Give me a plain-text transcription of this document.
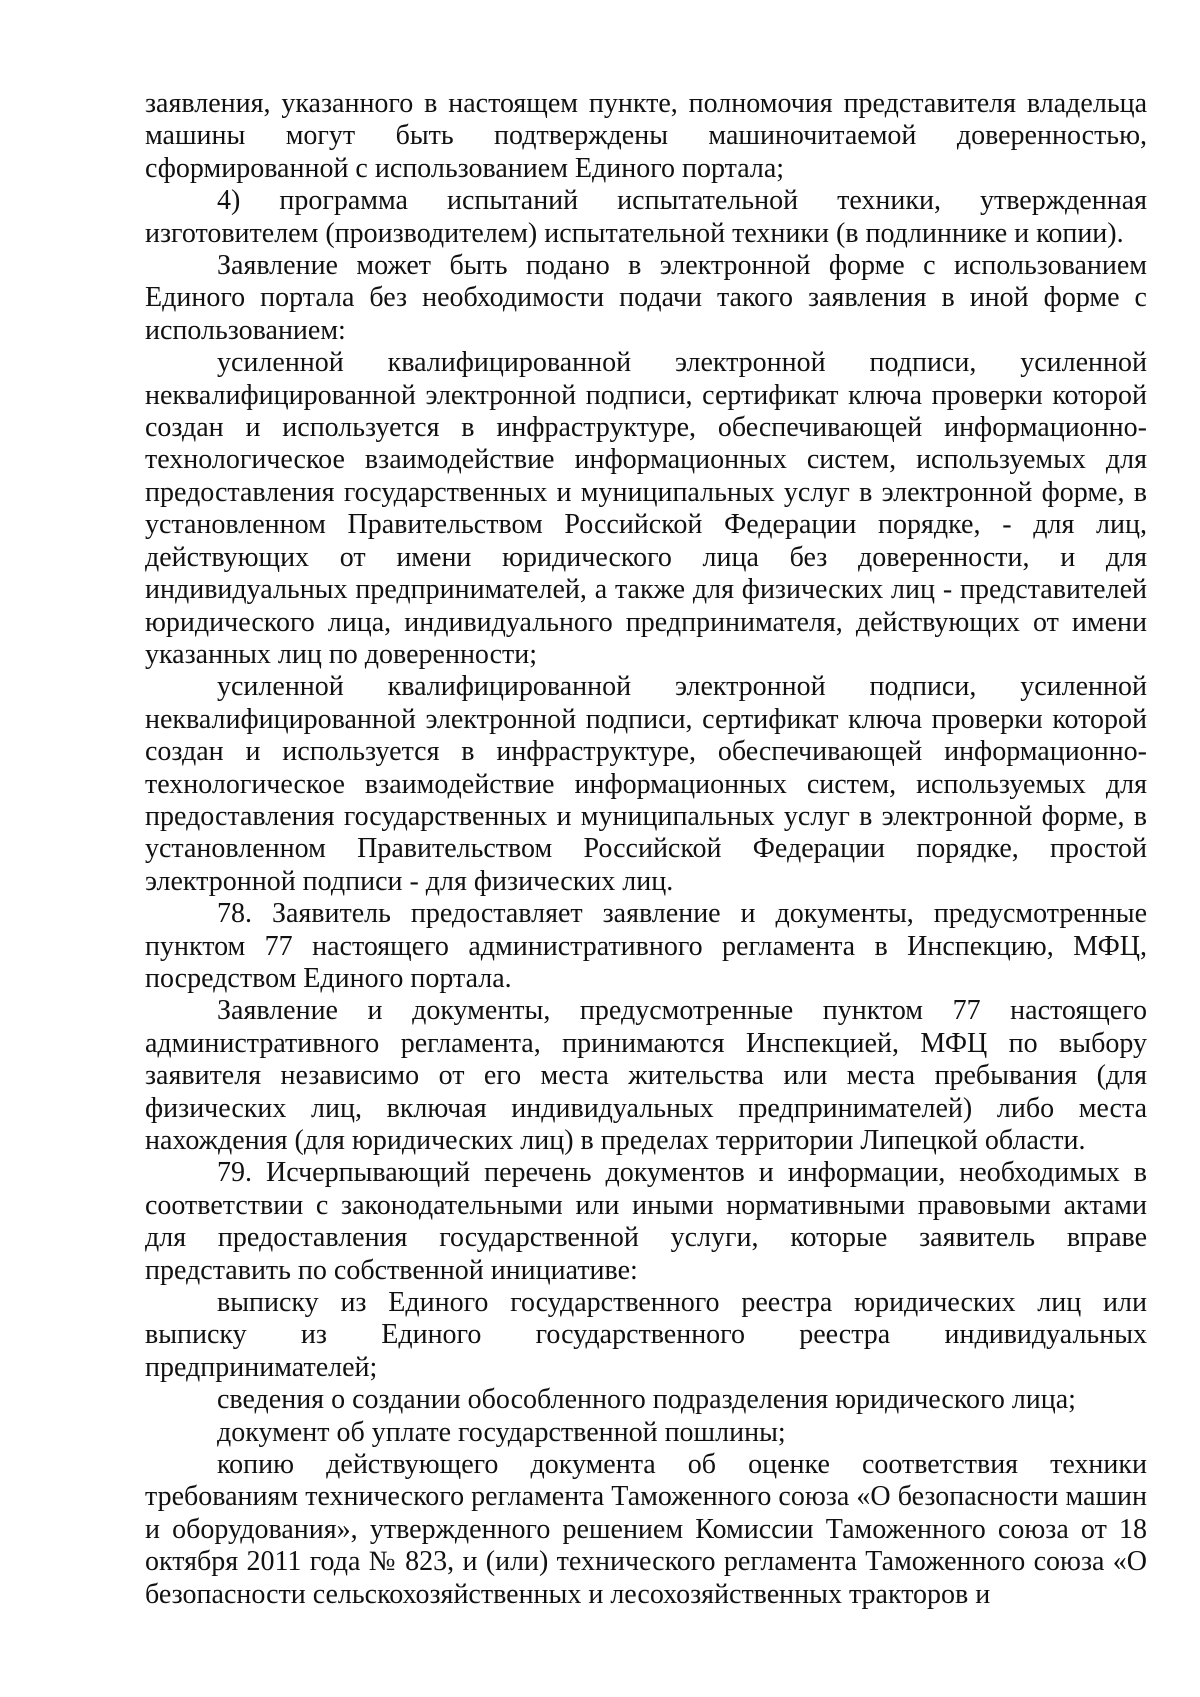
заявления, указанного в настоящем пункте, полномочия представителя владельца машины могут быть подтверждены машиночитаемой доверенностью, сформированной с использованием Единого портала;

4) программа испытаний испытательной техники, утвержденная изготовителем (производителем) испытательной техники (в подлиннике и копии).

Заявление может быть подано в электронной форме с использованием Единого портала без необходимости подачи такого заявления в иной форме с использованием:

усиленной квалифицированной электронной подписи, усиленной неквалифицированной электронной подписи, сертификат ключа проверки которой создан и используется в инфраструктуре, обеспечивающей информационно-технологическое взаимодействие информационных систем, используемых для предоставления государственных и муниципальных услуг в электронной форме, в установленном Правительством Российской Федерации порядке, - для лиц, действующих от имени юридического лица без доверенности, и для индивидуальных предпринимателей, а также для физических лиц - представителей юридического лица, индивидуального предпринимателя, действующих от имени указанных лиц по доверенности;

усиленной квалифицированной электронной подписи, усиленной неквалифицированной электронной подписи, сертификат ключа проверки которой создан и используется в инфраструктуре, обеспечивающей информационно-технологическое взаимодействие информационных систем, используемых для предоставления государственных и муниципальных услуг в электронной форме, в установленном Правительством Российской Федерации порядке, простой электронной подписи - для физических лиц.

78. Заявитель предоставляет заявление и документы, предусмотренные пунктом 77 настоящего административного регламента в Инспекцию, МФЦ, посредством Единого портала.

Заявление и документы, предусмотренные пунктом 77 настоящего административного регламента, принимаются Инспекцией, МФЦ по выбору заявителя независимо от его места жительства или места пребывания (для физических лиц, включая индивидуальных предпринимателей) либо места нахождения (для юридических лиц) в пределах территории Липецкой области.

79. Исчерпывающий перечень документов и информации, необходимых в соответствии с законодательными или иными нормативными правовыми актами для предоставления государственной услуги, которые заявитель вправе представить по собственной инициативе:

выписку из Единого государственного реестра юридических лиц или выписку из Единого государственного реестра индивидуальных предпринимателей;

сведения о создании обособленного подразделения юридического лица;

документ об уплате государственной пошлины;

копию действующего документа об оценке соответствия техники требованиям технического регламента Таможенного союза «О безопасности машин и оборудования», утвержденного решением Комиссии Таможенного союза от 18 октября 2011 года № 823, и (или) технического регламента Таможенного союза «О безопасности сельскохозяйственных и лесохозяйственных тракторов и
